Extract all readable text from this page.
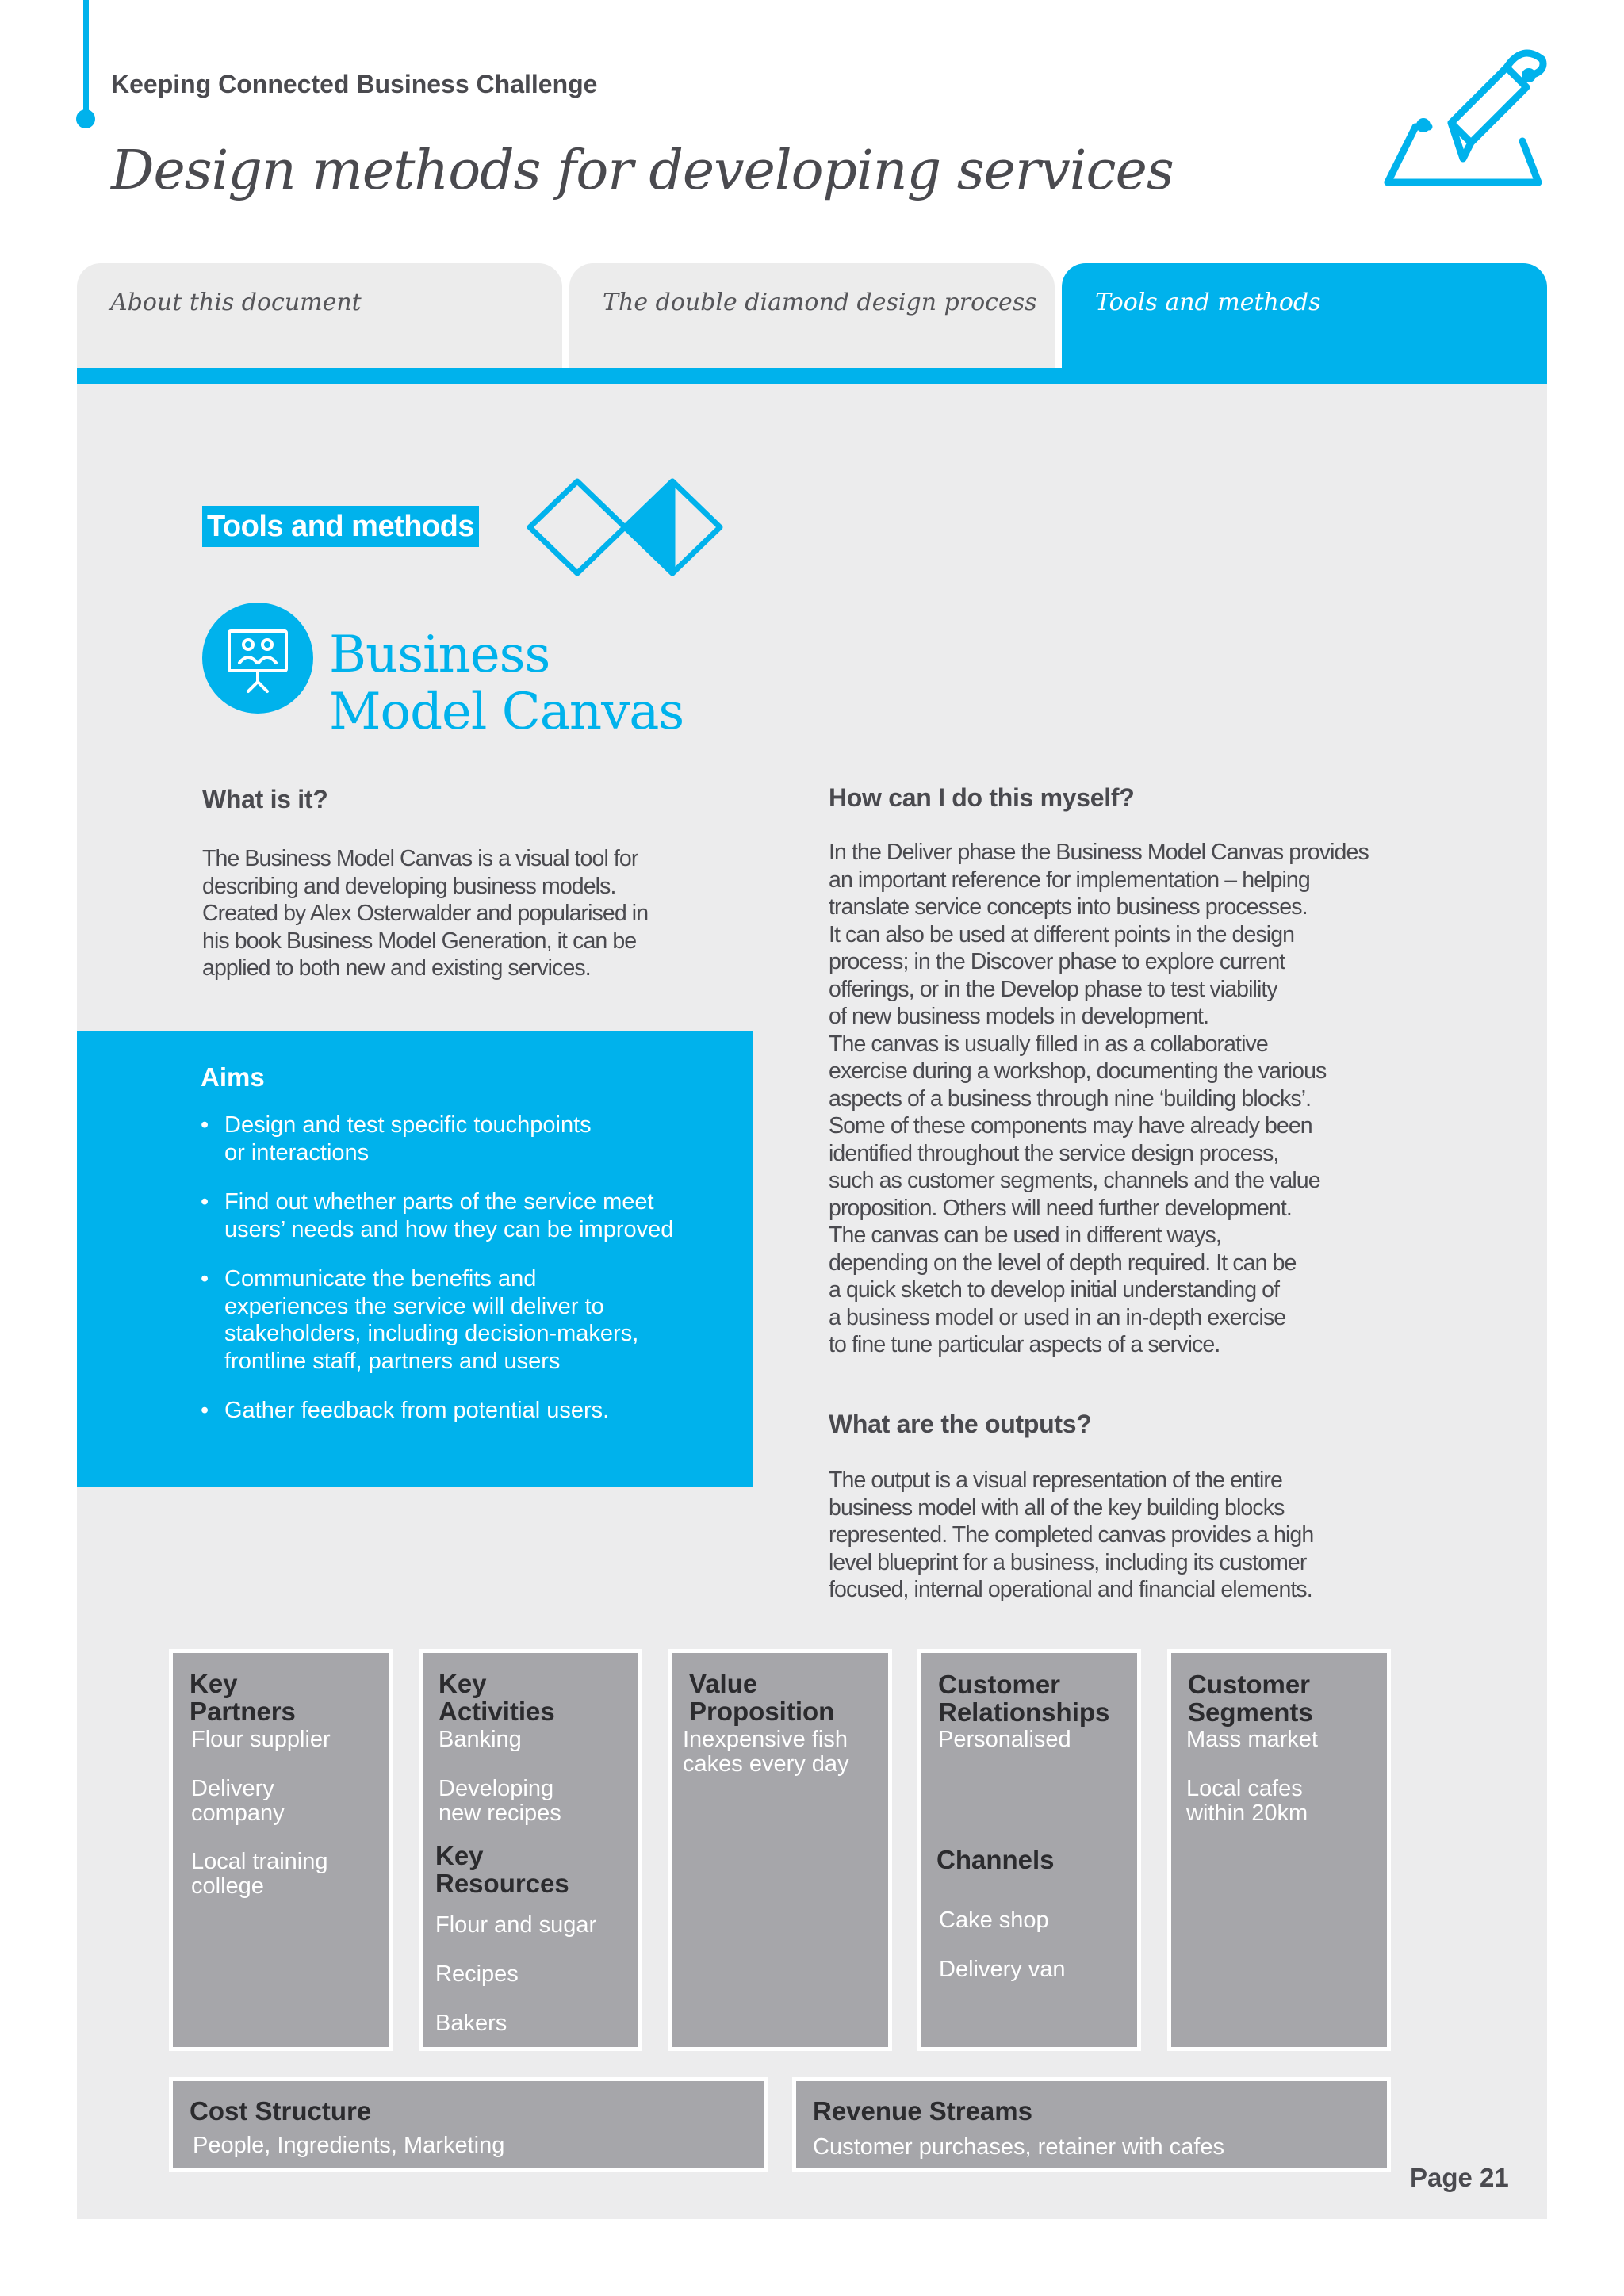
Keeping Connected Business Challenge
Design methods for developing services
About this document	The double diamond design process	Tools and methods
Tools and methods
Business
Model Canvas
What is it?
The Business Model Canvas is a visual tool for
describing and developing business models.
Created by Alex Osterwalder and popularised in
his book Business Model Generation, it can be
applied to both new and existing services.
Aims
• Design and test specific touchpoints
or interactions
• Find out whether parts of the service meet
users’ needs and how they can be improved
• Communicate the benefits and
experiences the service will deliver to
stakeholders, including decision-makers,
frontline staff, partners and users
• Gather feedback from potential users.
How can I do this myself?
In the Deliver phase the Business Model Canvas provides
an important reference for implementation – helping
translate service concepts into business processes.
It can also be used at different points in the design
process; in the Discover phase to explore current
offerings, or in the Develop phase to test viability
of new business models in development.
The canvas is usually filled in as a collaborative
exercise during a workshop, documenting the various
aspects of a business through nine ‘building blocks’.
Some of these components may have already been
identified throughout the service design process,
such as customer segments, channels and the value
proposition. Others will need further development.
The canvas can be used in different ways,
depending on the level of depth required. It can be
a quick sketch to develop initial understanding of
a business model or used in an in-depth exercise
to fine tune particular aspects of a service.
What are the outputs?
The output is a visual representation of the entire
business model with all of the key building blocks
represented. The completed canvas provides a high
level blueprint for a business, including its customer
focused, internal operational and financial elements.
Key
Partners
Flour supplier
Delivery
company
Local training
college
Key
Activities
Banking
Developing
new recipes
Key
Resources
Flour and sugar
Recipes
Bakers
Value
Proposition
Inexpensive fish
cakes every day
Customer
Relationships
Personalised
Channels
Cake shop
Delivery van
Customer
Segments
Mass market
Local cafes
within 20km
Cost Structure
People, Ingredients, Marketing
Revenue Streams
Customer purchases, retainer with cafes
Page 21
